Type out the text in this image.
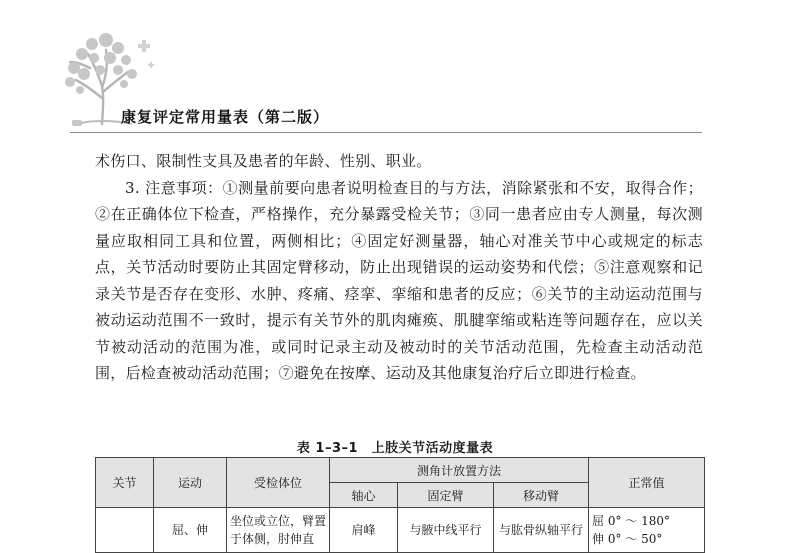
康复评定常用量表（第二版）

术伤口、限制性支具及患者的年龄、性别、职业。

3. 注意事项：①测量前要向患者说明检查目的与方法，消除紧张和不安，取得合作；②在正确体位下检查，严格操作，充分暴露受检关节；③同一患者应由专人测量，每次测量应取相同工具和位置，两侧相比；④固定好测量器，轴心对准关节中心或规定的标志点，关节活动时要防止其固定臂移动，防止出现错误的运动姿势和代偿；⑤注意观察和记录关节是否存在变形、水肿、疼痛、痉挛、挛缩和患者的反应；⑥关节的主动运动范围与被动运动范围不一致时，提示有关节外的肌肉瘫痪、肌腱挛缩或粘连等问题存在，应以关节被动活动的范围为准，或同时记录主动及被动时的关节活动范围，先检查主动活动范围，后检查被动活动范围；⑦避免在按摩、运动及其他康复治疗后立即进行检查。

表 1–3–1　上肢关节活动度量表
关节	运动	受检体位	测角计放置方法			正常值
			轴心	固定臂	移动臂	
	屈、伸	坐位或立位，臂置于体侧，肘伸直	肩峰	与腋中线平行	与肱骨纵轴平行	屈 0° ～ 180°
伸 0° ～ 50°
